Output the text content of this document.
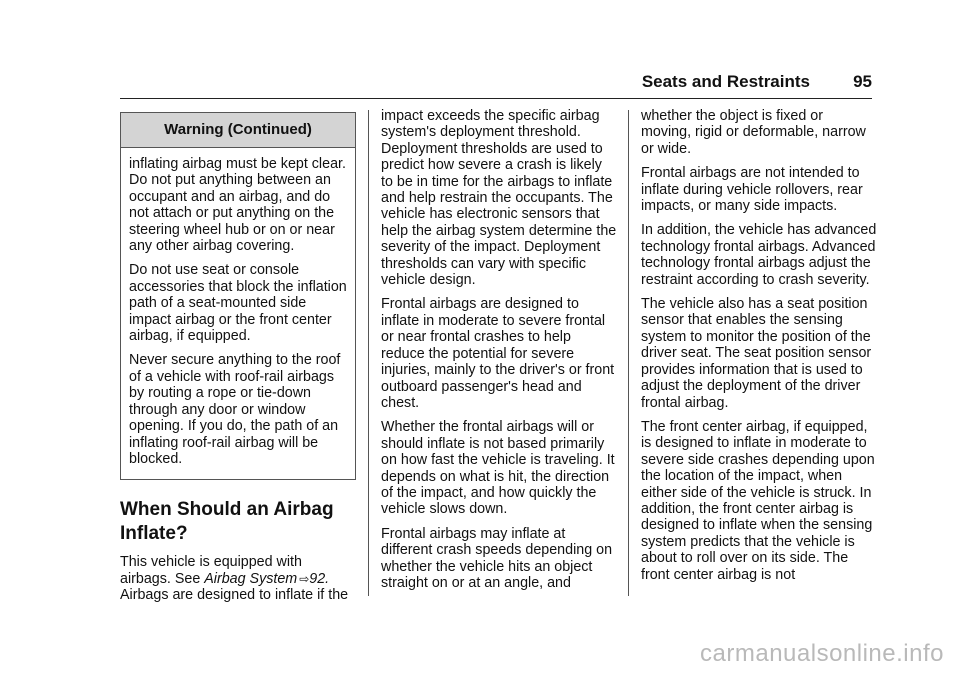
Seats and Restraints	95
Warning (Continued)

inflating airbag must be kept clear. Do not put anything between an occupant and an airbag, and do not attach or put anything on the steering wheel hub or on or near any other airbag covering.

Do not use seat or console accessories that block the inflation path of a seat-mounted side impact airbag or the front center airbag, if equipped.

Never secure anything to the roof of a vehicle with roof-rail airbags by routing a rope or tie-down through any door or window opening. If you do, the path of an inflating roof-rail airbag will be blocked.

When Should an Airbag Inflate?

This vehicle is equipped with airbags. See Airbag System ⇨92. Airbags are designed to inflate if the

impact exceeds the specific airbag system's deployment threshold. Deployment thresholds are used to predict how severe a crash is likely to be in time for the airbags to inflate and help restrain the occupants. The vehicle has electronic sensors that help the airbag system determine the severity of the impact. Deployment thresholds can vary with specific vehicle design.

Frontal airbags are designed to inflate in moderate to severe frontal or near frontal crashes to help reduce the potential for severe injuries, mainly to the driver's or front outboard passenger's head and chest.

Whether the frontal airbags will or should inflate is not based primarily on how fast the vehicle is traveling. It depends on what is hit, the direction of the impact, and how quickly the vehicle slows down.

Frontal airbags may inflate at different crash speeds depending on whether the vehicle hits an object straight on or at an angle, and

whether the object is fixed or moving, rigid or deformable, narrow or wide.

Frontal airbags are not intended to inflate during vehicle rollovers, rear impacts, or many side impacts.

In addition, the vehicle has advanced technology frontal airbags. Advanced technology frontal airbags adjust the restraint according to crash severity.

The vehicle also has a seat position sensor that enables the sensing system to monitor the position of the driver seat. The seat position sensor provides information that is used to adjust the deployment of the driver frontal airbag.

The front center airbag, if equipped, is designed to inflate in moderate to severe side crashes depending upon the location of the impact, when either side of the vehicle is struck. In addition, the front center airbag is designed to inflate when the sensing system predicts that the vehicle is about to roll over on its side. The front center airbag is not

carmanualsonline.info
